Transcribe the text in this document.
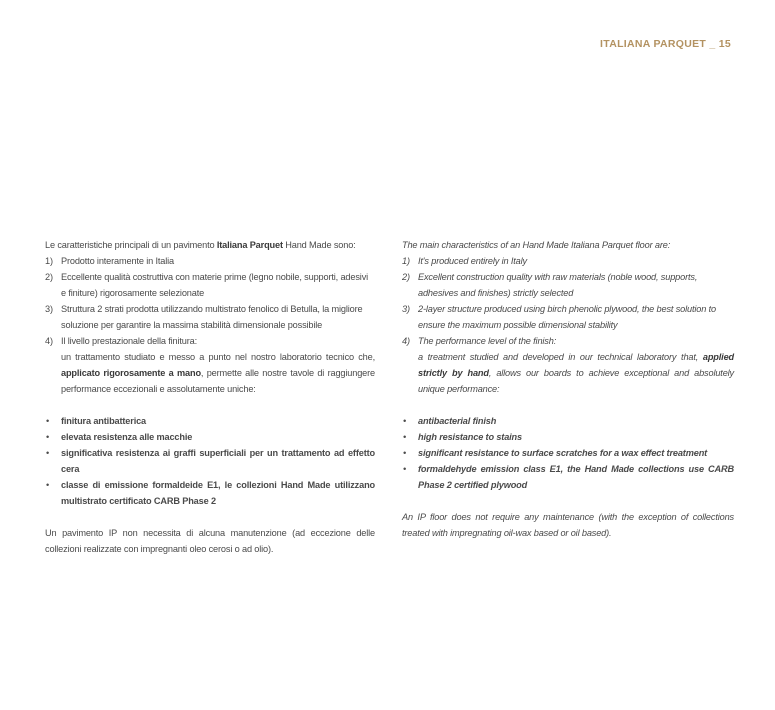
ITALIANA PARQUET _ 15

Le caratteristiche principali di un pavimento Italiana Parquet Hand Made sono:

1) Prodotto interamente in Italia
2) Eccellente qualità costruttiva con materie prime (legno nobile, supporti, adesivi e finiture) rigorosamente selezionate
3) Struttura 2 strati prodotta utilizzando multistrato fenolico di Betulla, la migliore soluzione per garantire la massima stabilità dimensionale possibile
4) Il livello prestazionale della finitura:
un trattamento studiato e messo a punto nel nostro laboratorio tecnico che, applicato rigorosamente a mano, permette alle nostre tavole di raggiungere performance eccezionali e assolutamente uniche:
• finitura antibatterica
• elevata resistenza alle macchie
• significativa resistenza ai graffi superficiali per un trattamento ad effetto cera
• classe di emissione formaldeide E1, le collezioni Hand Made utilizzano multistrato certificato CARB Phase 2

Un pavimento IP non necessita di alcuna manutenzione (ad eccezione delle collezioni realizzate con impregnanti oleo cerosi o ad olio).

The main characteristics of an Hand Made Italiana Parquet floor are:

1) It's produced entirely in Italy
2) Excellent construction quality with raw materials (noble wood, supports, adhesives and finishes) strictly selected
3) 2-layer structure produced using birch phenolic plywood, the best solution to ensure the maximum possible dimensional stability
4) The performance level of the finish:
a treatment studied and developed in our technical laboratory that, applied strictly by hand, allows our boards to achieve exceptional and absolutely unique performance:
• antibacterial finish
• high resistance to stains
• significant resistance to surface scratches for a wax effect treatment
• formaldehyde emission class E1, the Hand Made collections use CARB Phase 2 certified plywood

An IP floor does not require any maintenance (with the exception of collections treated with impregnating oil-wax based or oil based).
